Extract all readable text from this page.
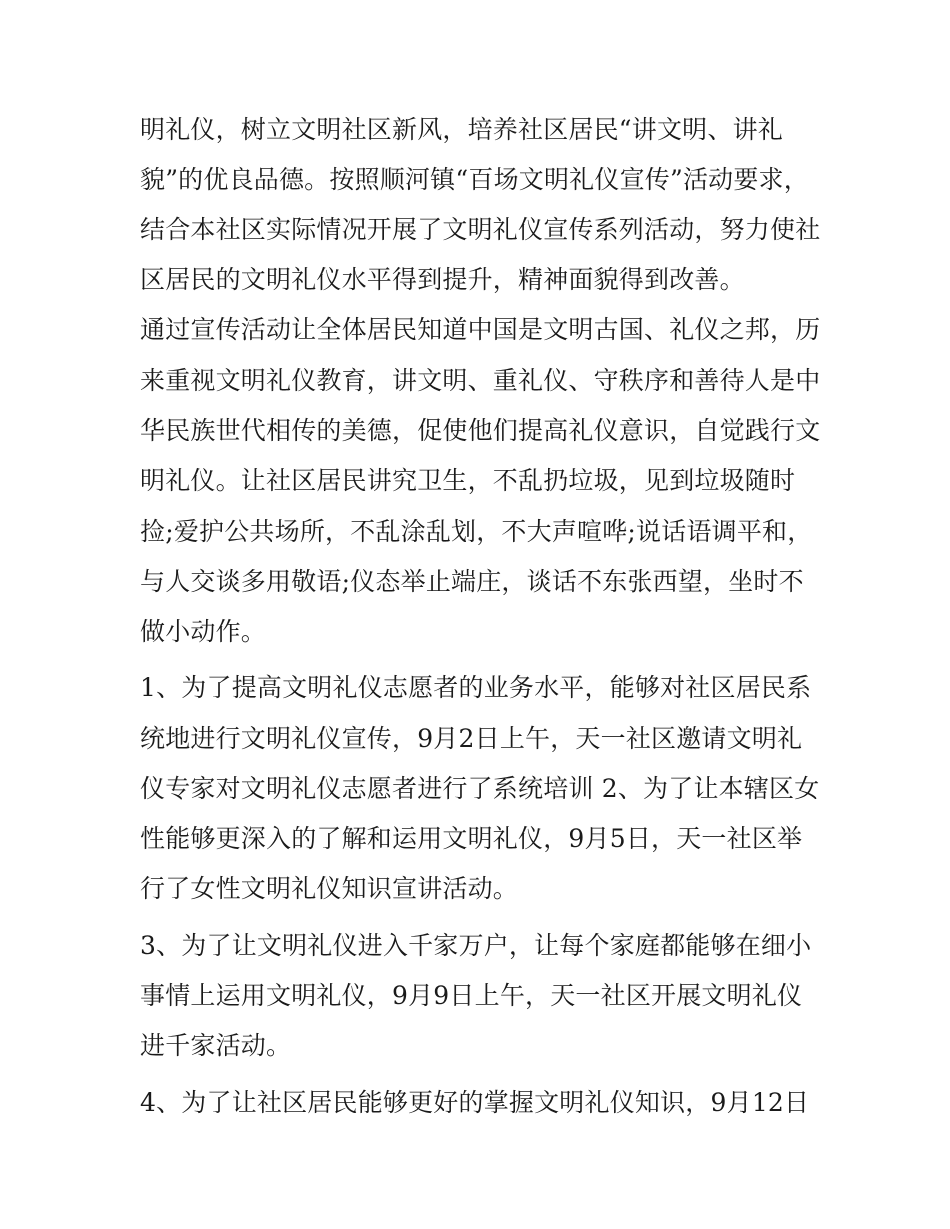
明礼仪，树立文明社区新风，培养社区居民“讲文明、讲礼
貌”的优良品德。按照顺河镇“百场文明礼仪宣传”活动要求，
结合本社区实际情况开展了文明礼仪宣传系列活动，努力使社
区居民的文明礼仪水平得到提升，精神面貌得到改善。
通过宣传活动让全体居民知道中国是文明古国、礼仪之邦，历
来重视文明礼仪教育，讲文明、重礼仪、守秩序和善待人是中
华民族世代相传的美德，促使他们提高礼仪意识，自觉践行文
明礼仪。让社区居民讲究卫生，不乱扔垃圾，见到垃圾随时
捡;爱护公共场所，不乱涂乱划，不大声喧哗;说话语调平和，
与人交谈多用敬语;仪态举止端庄，谈话不东张西望，坐时不
做小动作。
1、为了提高文明礼仪志愿者的业务水平，能够对社区居民系
统地进行文明礼仪宣传，9月2日上午，天一社区邀请文明礼
仪专家对文明礼仪志愿者进行了系统培训 2、为了让本辖区女
性能够更深入的了解和运用文明礼仪，9月5日，天一社区举
行了女性文明礼仪知识宣讲活动。
3、为了让文明礼仪进入千家万户，让每个家庭都能够在细小
事情上运用文明礼仪，9月9日上午，天一社区开展文明礼仪
进千家活动。
4、为了让社区居民能够更好的掌握文明礼仪知识，9月12日
